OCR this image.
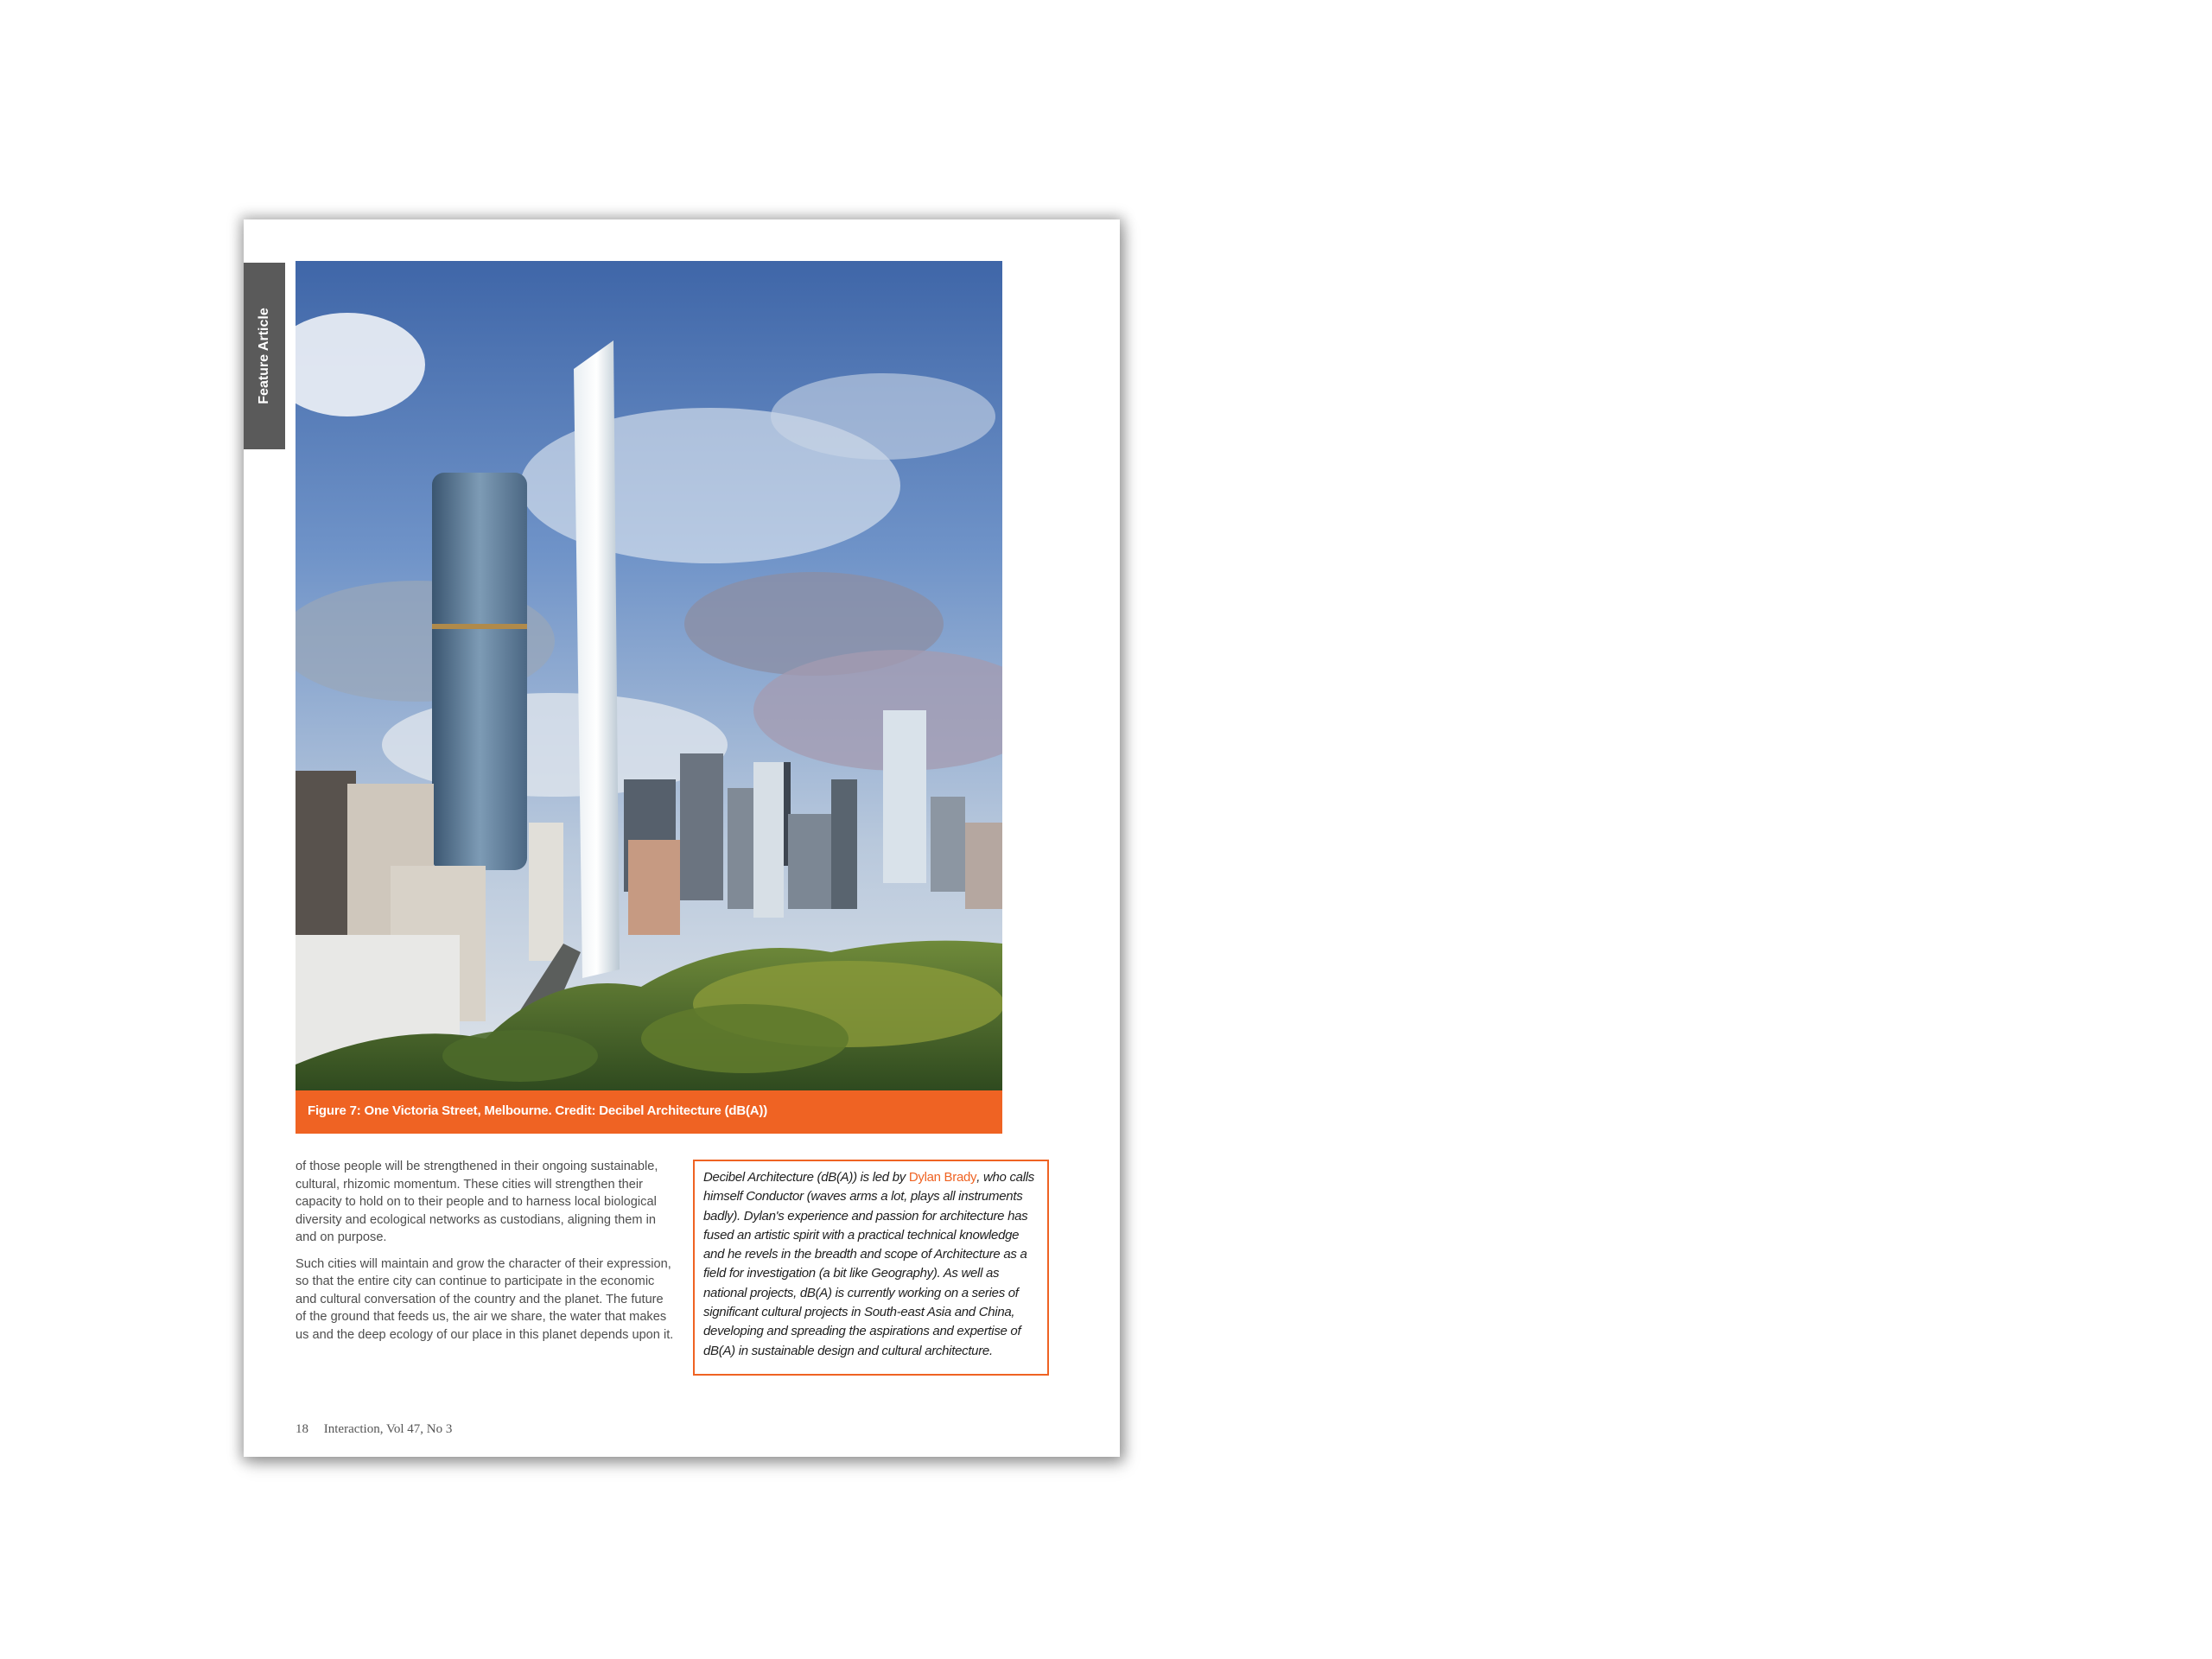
Feature Article
Figure 7: One Victoria Street, Melbourne. Credit: Decibel Architecture (dB(A))

of those people will be strengthened in their ongoing sustainable, cultural, rhizomic momentum. These cities will strengthen their capacity to hold on to their people and to harness local biological diversity and ecological networks as custodians, aligning them in and on purpose.

Such cities will maintain and grow the character of their expression, so that the entire city can continue to participate in the economic and cultural conversation of the country and the planet. The future of the ground that feeds us, the air we share, the water that makes us and the deep ecology of our place in this planet depends upon it.

Decibel Architecture (dB(A)) is led by Dylan Brady, who calls himself Conductor (waves arms a lot, plays all instruments badly). Dylan's experience and passion for architecture has fused an artistic spirit with a practical technical knowledge and he revels in the breadth and scope of Architecture as a field for investigation (a bit like Geography). As well as national projects, dB(A) is currently working on a series of significant cultural projects in South-east Asia and China, developing and spreading the aspirations and expertise of dB(A) in sustainable design and cultural architecture.

18 Interaction, Vol 47, No 3
